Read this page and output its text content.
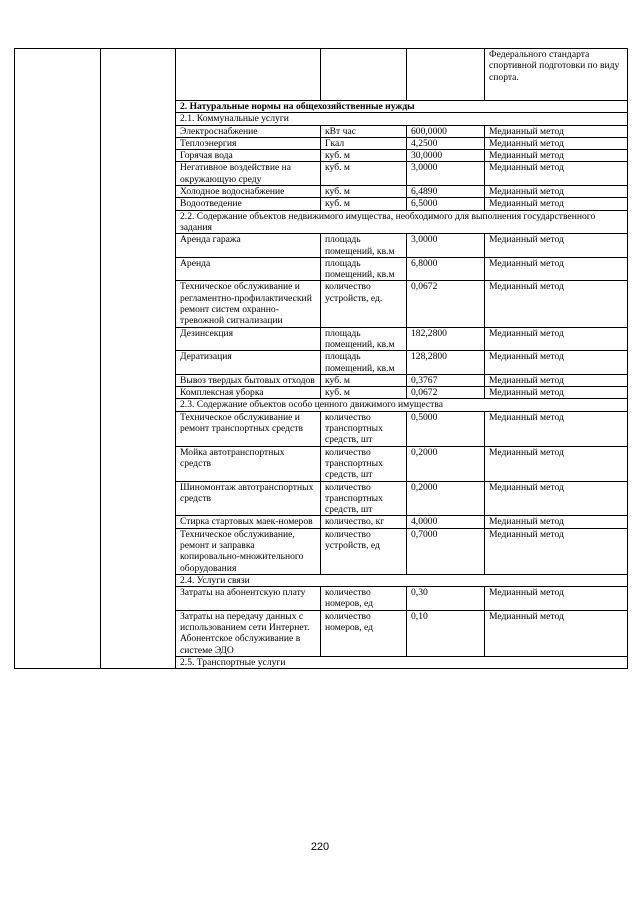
					Федерального стандарта спортивной подготовки по виду спорта.
		2. Натуральные нормы на общехозяйственные нужды			
		2.1. Коммунальные услуги			
		Электроснабжение	кВт час	600,0000	Медианный метод
		Теплоэнергия	Гкал	4,2500	Медианный метод
		Горячая вода	куб. м	30,0000	Медианный метод
		Негативное воздействие на окружающую среду	куб. м	3,0000	Медианный метод
		Холодное водоснабжение	куб. м	6,4890	Медианный метод
		Водоотведение	куб. м	6,5000	Медианный метод
		2.2. Содержание объектов недвижимого имущества, необходимого для выполнения государственного задания			
		Аренда гаража	площадь помещений, кв.м	3,0000	Медианный метод
		Аренда	площадь помещений, кв.м	6,8000	Медианный метод
		Техническое обслуживание и регламентно-профилактический ремонт систем охранно-тревожной сигнализации	количество устройств, ед.	0,0672	Медианный метод
		Дезинсекция	площадь помещений, кв.м	182,2800	Медианный метод
		Дератизация	площадь помещений, кв.м	128,2800	Медианный метод
		Вывоз твердых бытовых отходов	куб. м	0,3767	Медианный метод
		Комплексная уборка	куб. м	0,0672	Медианный метод
		2.3. Содержание объектов особо ценного движимого имущества			
		Техническое обслуживание и ремонт транспортных средств	количество транспортных средств, шт	0,5000	Медианный метод
		Мойка автотранспортных средств	количество транспортных средств, шт	0,2000	Медианный метод
		Шиномонтаж автотранспортных средств	количество транспортных средств, шт	0,2000	Медианный метод
		Стирка стартовых маек-номеров	количество, кг	4,0000	Медианный метод
		Техническое обслуживание, ремонт и заправка копировально-множительного оборудования	количество устройств, ед	0,7000	Медианный метод
		2.4. Услуги связи			
		Затраты на абонентскую плату	количество номеров, ед	0,30	Медианный метод
		Затраты на передачу данных с использованием сети Интернет. Абонентское обслуживание в системе ЭДО	количество номеров, ед	0,10	Медианный метод
		2.5. Транспортные услуги			
220
